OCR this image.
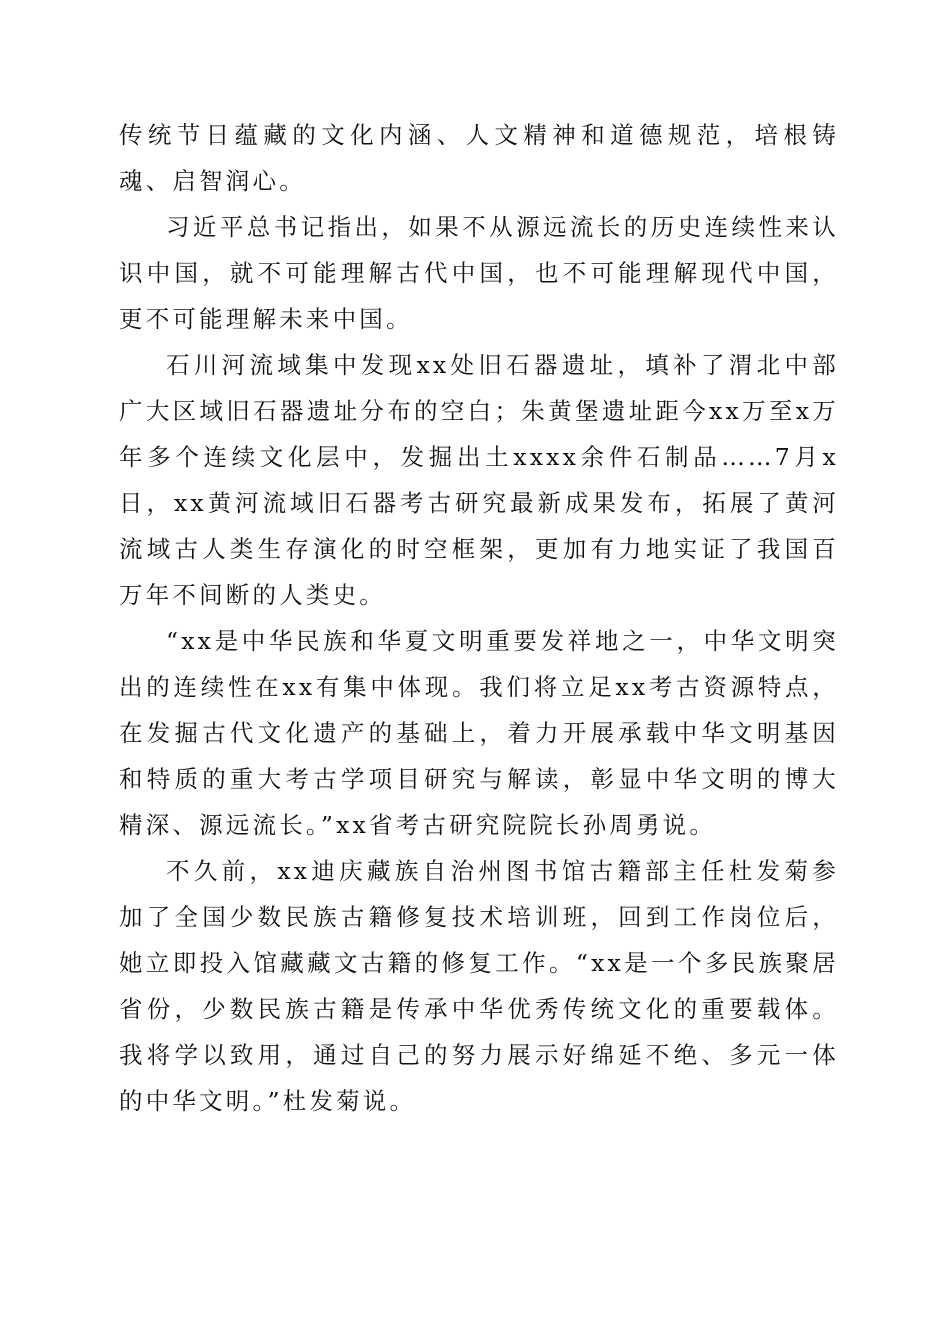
传统节日蕴藏的文化内涵、人文精神和道德规范，培根铸魂、启智润心。

习近平总书记指出，如果不从源远流长的历史连续性来认识中国，就不可能理解古代中国，也不可能理解现代中国，更不可能理解未来中国。

石川河流域集中发现xx处旧石器遗址，填补了渭北中部广大区域旧石器遗址分布的空白；朱黄堡遗址距今xx万至x万年多个连续文化层中，发掘出土xxxx余件石制品……7月x日，xx黄河流域旧石器考古研究最新成果发布，拓展了黄河流域古人类生存演化的时空框架，更加有力地实证了我国百万年不间断的人类史。

“xx是中华民族和华夏文明重要发祥地之一，中华文明突出的连续性在xx有集中体现。我们将立足xx考古资源特点，在发掘古代文化遗产的基础上，着力开展承载中华文明基因和特质的重大考古学项目研究与解读，彰显中华文明的博大精深、源远流长。”xx省考古研究院院长孙周勇说。

不久前，xx迪庆藏族自治州图书馆古籍部主任杜发菊参加了全国少数民族古籍修复技术培训班，回到工作岗位后，她立即投入馆藏藏文古籍的修复工作。“xx是一个多民族聚居省份，少数民族古籍是传承中华优秀传统文化的重要载体。我将学以致用，通过自己的努力展示好绵延不绝、多元一体的中华文明。”杜发菊说。
